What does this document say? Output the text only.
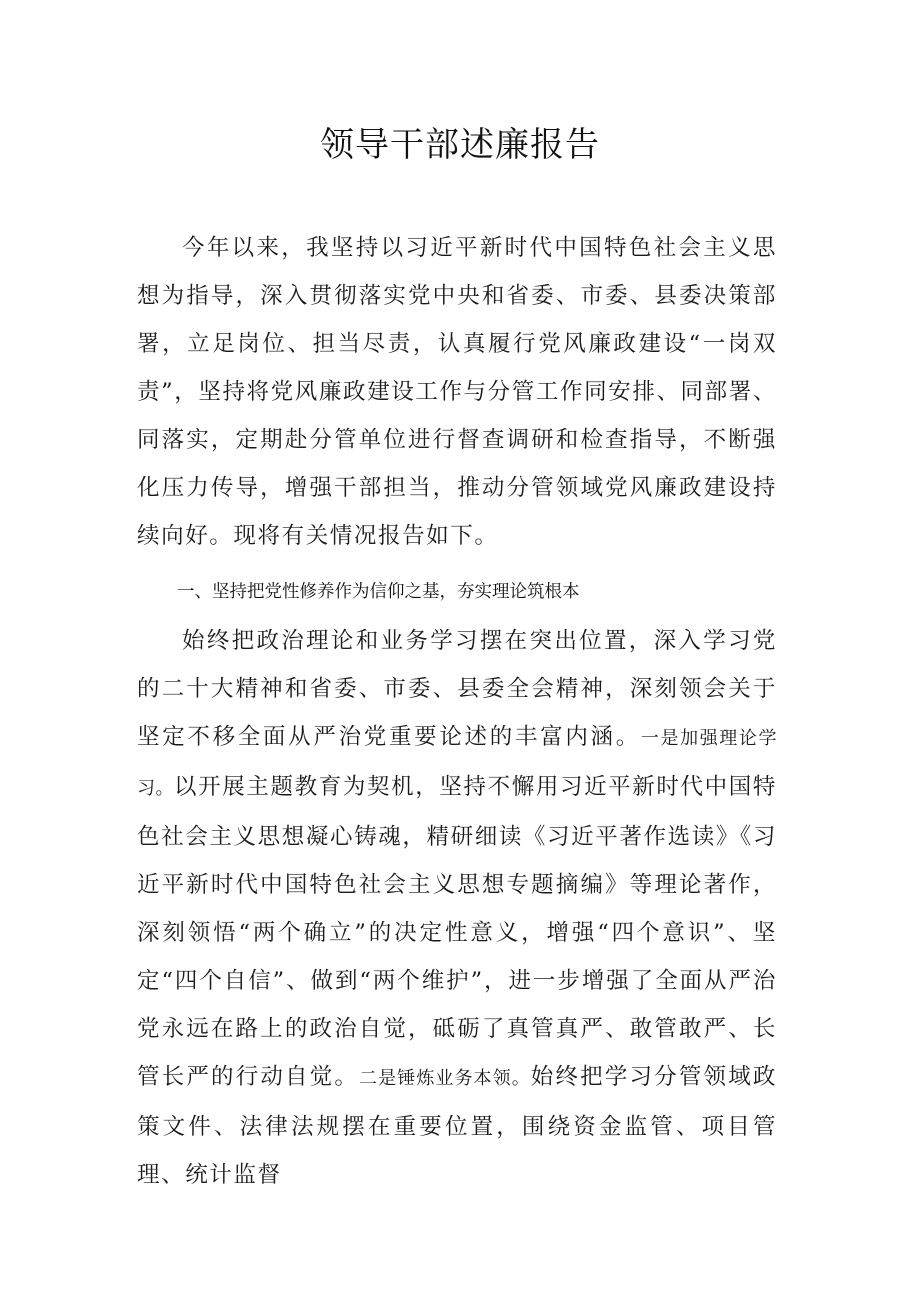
领导干部述廉报告

今年以来，我坚持以习近平新时代中国特色社会主义思想为指导，深入贯彻落实党中央和省委、市委、县委决策部署，立足岗位、担当尽责，认真履行党风廉政建设“一岗双责”，坚持将党风廉政建设工作与分管工作同安排、同部署、同落实，定期赴分管单位进行督查调研和检查指导，不断强化压力传导，增强干部担当，推动分管领域党风廉政建设持续向好。现将有关情况报告如下。

一、坚持把党性修养作为信仰之基，夯实理论筑根本

始终把政治理论和业务学习摆在突出位置，深入学习党的二十大精神和省委、市委、县委全会精神，深刻领会关于坚定不移全面从严治党重要论述的丰富内涵。一是加强理论学习。以开展主题教育为契机，坚持不懈用习近平新时代中国特色社会主义思想凝心铸魂，精研细读《习近平著作选读》《习近平新时代中国特色社会主义思想专题摘编》等理论著作，深刻领悟“两个确立”的决定性意义，增强“四个意识”、坚定“四个自信”、做到“两个维护”，进一步增强了全面从严治党永远在路上的政治自觉，砥砺了真管真严、敢管敢严、长管长严的行动自觉。二是锤炼业务本领。始终把学习分管领域政策文件、法律法规摆在重要位置，围绕资金监管、项目管理、统计监督
